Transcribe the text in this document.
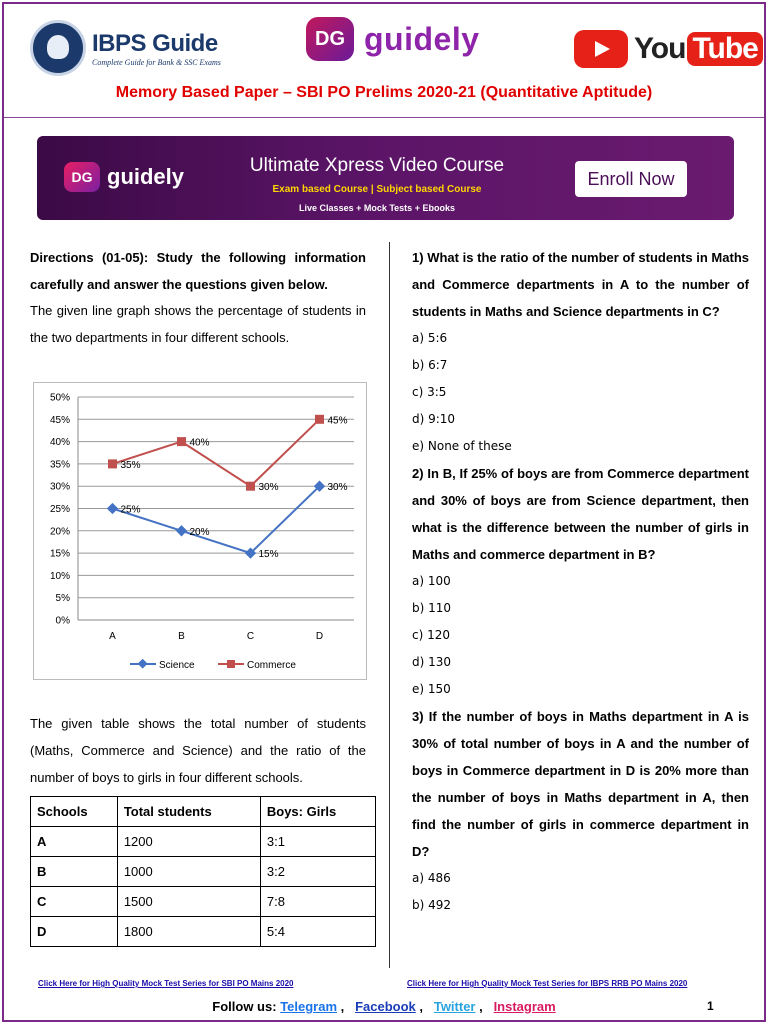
IBPS Guide
Complete Guide for Bank & SSC Exams
DG guidely	You Tube
Memory Based Paper – SBI PO Prelims 2020-21 (Quantitative Aptitude)
DG guidely	Ultimate Xpress Video Course
Exam based Course | Subject based Course
Live Classes + Mock Tests + Ebooks
Enroll Now
Directions (01-05): Study the following information carefully and answer the questions given below.
The given line graph shows the percentage of students in the two departments in four different schools.
0%
5%
10%
15%
20%
25%
30%
35%
40%
45%
50%
A	B	C	D
25%
20%
15%
30%
35%
40%
30%
45%
Science	Commerce
The given table shows the total number of students (Maths, Commerce and Science) and the ratio of the number of boys to girls in four different schools.
Schools	Total students	Boys: Girls
A	1200	3:1
B	1000	3:2
C	1500	7:8
D	1800	5:4
1) What is the ratio of the number of students in Maths and Commerce departments in A to the number of students in Maths and Science departments in C?
a) 5:6
b) 6:7
c) 3:5
d) 9:10
e) None of these
2) In B, If 25% of boys are from Commerce department and 30% of boys are from Science department, then what is the difference between the number of girls in Maths and commerce department in B?
a) 100
b) 110
c) 120
d) 130
e) 150
3) If the number of boys in Maths department in A is 30% of total number of boys in A and the number of boys in Commerce department in D is 20% more than the number of boys in Maths department in A, then find the number of girls in commerce department in D?
a) 486
b) 492
Click Here for High Quality Mock Test Series for SBI PO Mains 2020	Click Here for High Quality Mock Test Series for IBPS RRB PO Mains 2020
Follow us: Telegram ,   Facebook ,   Twitter ,   Instagram	1
